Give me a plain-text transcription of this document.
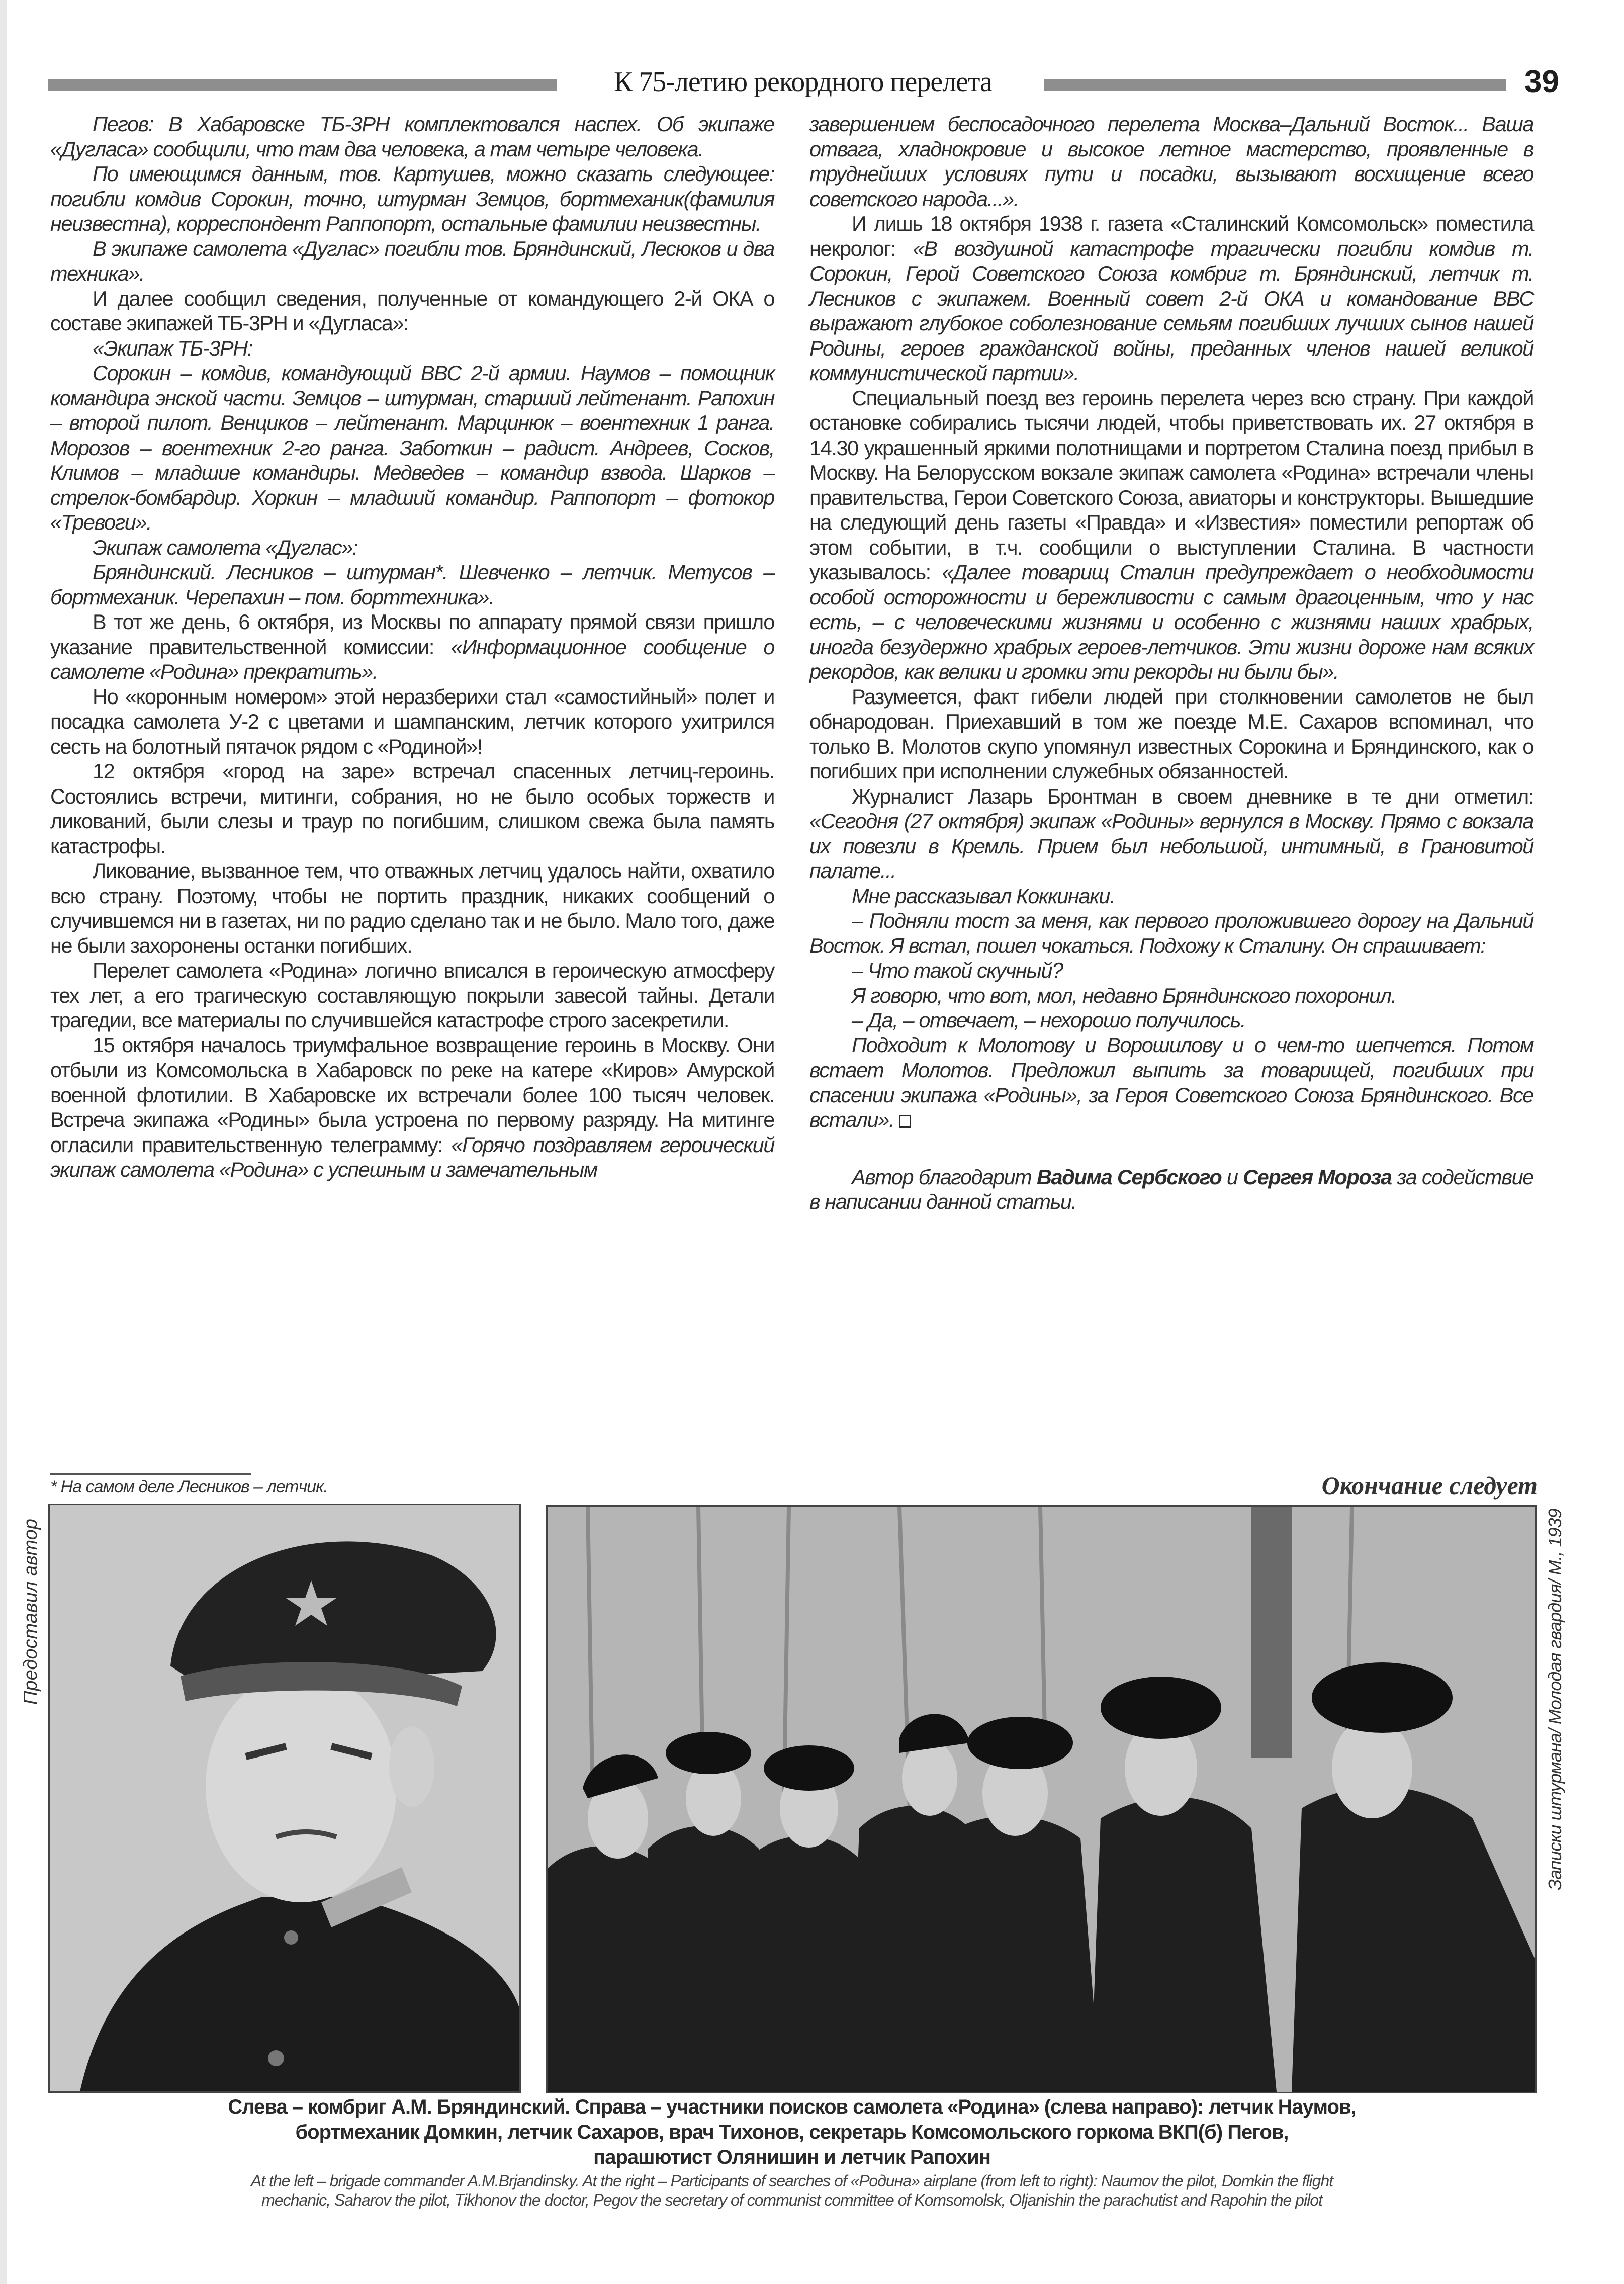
К 75-летию рекордного перелета	39

Пегов: В Хабаровске ТБ-3РН комплектовался наспех. Об экипаже «Дугласа» сообщили, что там два человека, а там четыре человека.

По имеющимся данным, тов. Картушев, можно сказать следующее: погибли комдив Сорокин, точно, штурман Земцов, бортмеханик(фамилия неизвестна), корреспондент Раппопорт, остальные фамилии неизвестны.

В экипаже самолета «Дуглас» погибли тов. Бряндинский, Лесюков и два техника».

И далее сообщил сведения, полученные от командующего 2-й ОКА о составе экипажей ТБ-3РН и «Дугласа»:

«Экипаж ТБ-3РН:

Сорокин – комдив, командующий ВВС 2-й армии. Наумов – помощник командира энской части. Земцов – штурман, старший лейтенант. Рапохин – второй пилот. Венциков – лейтенант. Марцинюк – воентехник 1 ранга. Морозов – воентехник 2-го ранга. Заботкин – радист. Андреев, Сосков, Климов – младшие командиры. Медведев – командир взвода. Шарков – стрелок-бомбардир. Хоркин – младший командир. Раппопорт – фотокор «Тревоги».

Экипаж самолета «Дуглас»:

Бряндинский. Лесников – штурман*. Шевченко – летчик. Метусов – бортмеханик. Черепахин – пом. борттехника».

В тот же день, 6 октября, из Москвы по аппарату прямой связи пришло указание правительственной комиссии: «Информационное сообщение о самолете «Родина» прекратить».

Но «коронным номером» этой неразберихи стал «самостийный» полет и посадка самолета У-2 с цветами и шампанским, летчик которого ухитрился сесть на болотный пятачок рядом с «Родиной»!

12 октября «город на заре» встречал спасенных летчиц-героинь. Состоялись встречи, митинги, собрания, но не было особых торжеств и ликований, были слезы и траур по погибшим, слишком свежа была память катастрофы.

Ликование, вызванное тем, что отважных летчиц удалось найти, охватило всю страну. Поэтому, чтобы не портить праздник, никаких сообщений о случившемся ни в газетах, ни по радио сделано так и не было. Мало того, даже не были захоронены останки погибших.

Перелет самолета «Родина» логично вписался в героическую атмосферу тех лет, а его трагическую составляющую покрыли завесой тайны. Детали трагедии, все материалы по случившейся катастрофе строго засекретили.

15 октября началось триумфальное возвращение героинь в Москву. Они отбыли из Комсомольска в Хабаровск по реке на катере «Киров» Амурской военной флотилии. В Хабаровске их встречали более 100 тысяч человек. Встреча экипажа «Родины» была устроена по первому разряду. На митинге огласили правительственную телеграмму: «Горячо поздравляем героический экипаж самолета «Родина» с успешным и замечательным

завершением беспосадочного перелета Москва–Дальний Восток... Ваша отвага, хладнокровие и высокое летное мастерство, проявленные в труднейших условиях пути и посадки, вызывают восхищение всего советского народа...».

И лишь 18 октября 1938 г. газета «Сталинский Комсомольск» поместила некролог: «В воздушной катастрофе трагически погибли комдив т. Сорокин, Герой Советского Союза комбриг т. Бряндинский, летчик т. Лесников с экипажем. Военный совет 2-й ОКА и командование ВВС выражают глубокое соболезнование семьям погибших лучших сынов нашей Родины, героев гражданской войны, преданных членов нашей великой коммунистической партии».

Специальный поезд вез героинь перелета через всю страну. При каждой остановке собирались тысячи людей, чтобы приветствовать их. 27 октября в 14.30 украшенный яркими полотнищами и портретом Сталина поезд прибыл в Москву. На Белорусском вокзале экипаж самолета «Родина» встречали члены правительства, Герои Советского Союза, авиаторы и конструкторы. Вышедшие на следующий день газеты «Правда» и «Известия» поместили репортаж об этом событии, в т.ч. сообщили о выступлении Сталина. В частности указывалось: «Далее товарищ Сталин предупреждает о необходимости особой осторожности и бережливости с самым драгоценным, что у нас есть, – с человеческими жизнями и особенно с жизнями наших храбрых, иногда безудержно храбрых героев-летчиков. Эти жизни дороже нам всяких рекордов, как велики и громки эти рекорды ни были бы».

Разумеется, факт гибели людей при столкновении самолетов не был обнародован. Приехавший в том же поезде М.Е. Сахаров вспоминал, что только В. Молотов скупо упомянул известных Сорокина и Бряндинского, как о погибших при исполнении служебных обязанностей.

Журналист Лазарь Бронтман в своем дневнике в те дни отметил: «Сегодня (27 октября) экипаж «Родины» вернулся в Москву. Прямо с вокзала их повезли в Кремль. Прием был небольшой, интимный, в Грановитой палате...

Мне рассказывал Коккинаки.

– Подняли тост за меня, как первого проложившего дорогу на Дальний Восток. Я встал, пошел чокаться. Подхожу к Сталину. Он спрашивает:

– Что такой скучный?

Я говорю, что вот, мол, недавно Бряндинского похоронил.

– Да, – отвечает, – нехорошо получилось.

Подходит к Молотову и Ворошилову и о чем-то шепчется. Потом встает Молотов. Предложил выпить за товарищей, погибших при спасении экипажа «Родины», за Героя Советского Союза Бряндинского. Все встали».

Автор благодарит Вадима Сербского и Сергея Мороза за содействие в написании данной статьи.

* На самом деле Лесников – летчик.	Окончание следует
Предоставил автор	Записки штурмана/ Молодая гвардия/ М., 1939
Слева – комбриг А.М. Бряндинский. Справа – участники поисков самолета «Родина» (слева направо): летчик Наумов,
бортмеханик Домкин, летчик Сахаров, врач Тихонов, секретарь Комсомольского горкома ВКП(б) Пегов,
парашютист Олянишин и летчик Рапохин
At the left – brigade commander A.M.Brjandinsky. At the right – Participants of searches of «Родина» airplane (from left to right): Naumov the pilot, Domkin the flight
mechanic, Saharov the pilot, Tikhonov the doctor, Pegov the secretary of communist committee of Komsomolsk, Oljanishin the parachutist and Rapohin the pilot
